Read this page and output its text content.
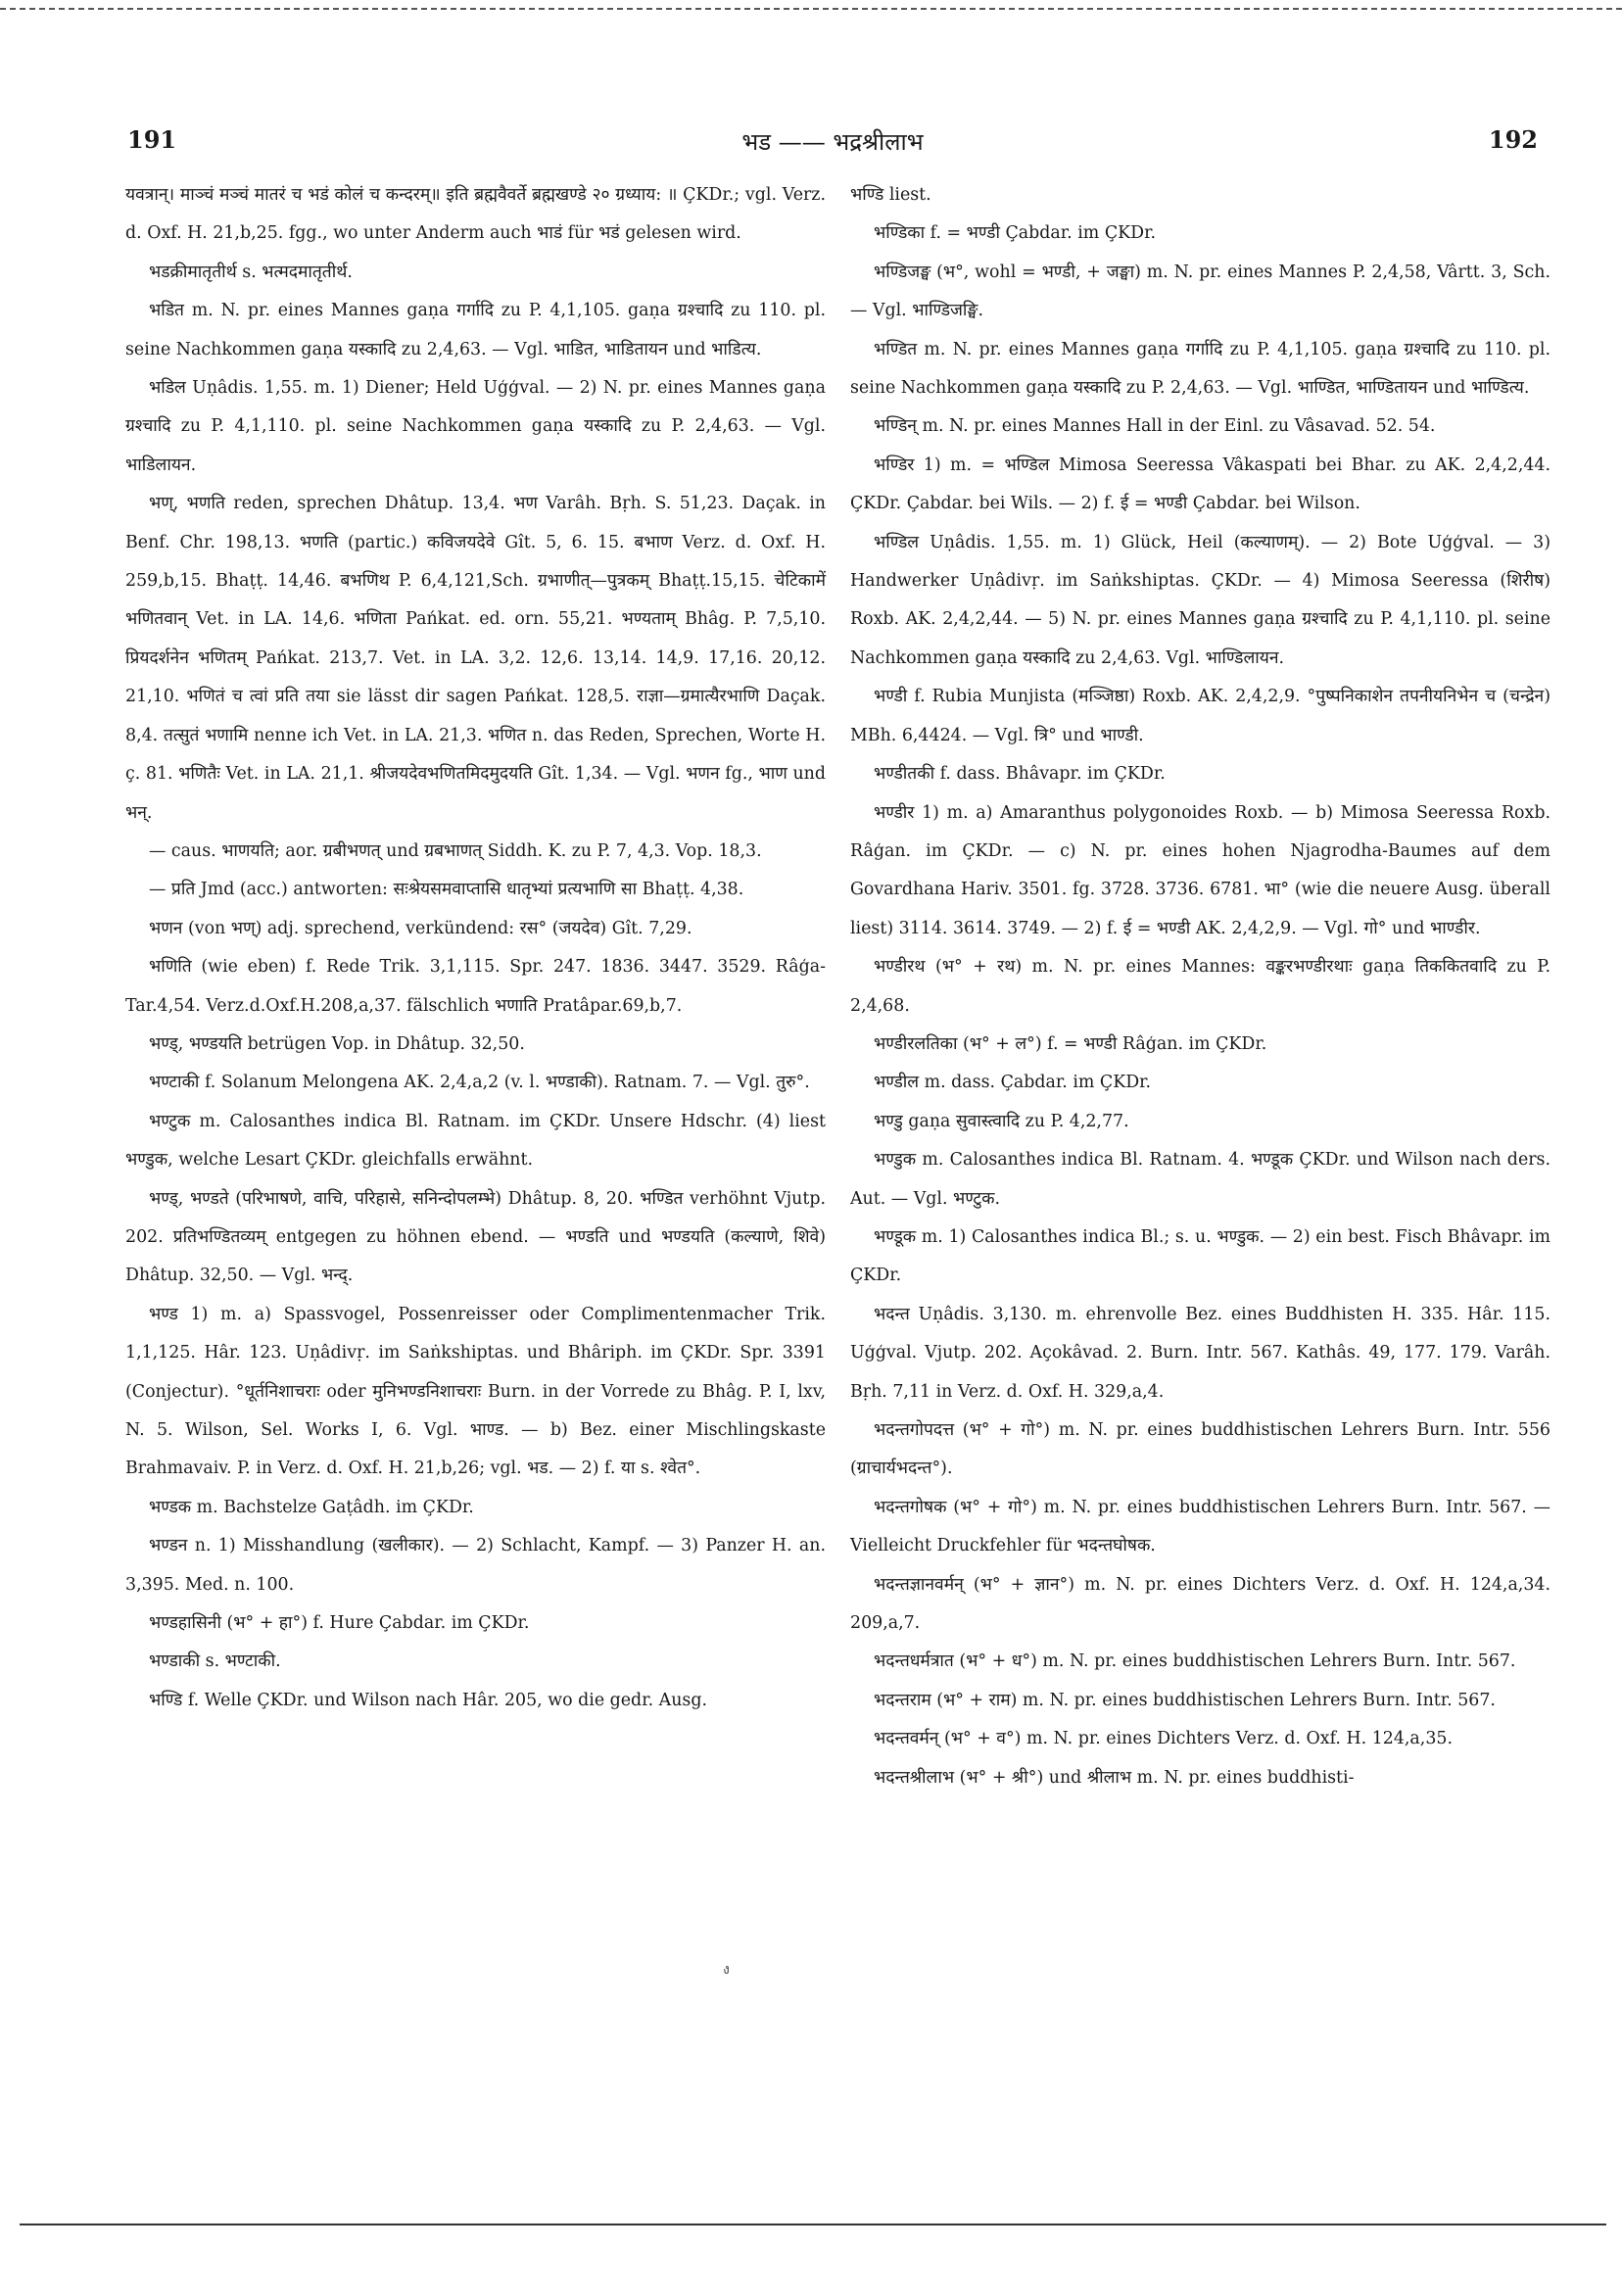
191	भड —— भद्रश्रीलाभ	192

यवत्रान्। माञ्चं मञ्चं मातरं च भडं कोलं च कन्दरम्॥ इति ब्रह्मवैवर्ते ब्रह्मखण्डे २० ग्रध्याय: ॥ ÇKDr.; vgl. Verz. d. Oxf. H. 21,b,25. fgg., wo unter Anderm auch भाडं für भडं gelesen wird.

भडक्रीमातृतीर्थ s. भत्मदमातृतीर्थ.

भडित m. N. pr. eines Mannes gaṇa गर्गादि zu P. 4,1,105. gaṇa ग्रश्चादि zu 110. pl. seine Nachkommen gaṇa यस्कादि zu 2,4,63. — Vgl. भाडित, भाडितायन und भाडित्य.

भडिल Uṇâdis. 1,55. m. 1) Diener; Held Uģģval. — 2) N. pr. eines Mannes gaṇa ग्रश्चादि zu P. 4,1,110. pl. seine Nachkommen gaṇa यस्कादि zu P. 2,4,63. — Vgl. भाडिलायन.

भण्, भणति reden, sprechen Dhâtup. 13,4. भण Varâh. Bṛh. S. 51,23. Daçak. in Benf. Chr. 198,13. भणति (partic.) कविजयदेवे Gît. 5, 6. 15. बभाण Verz. d. Oxf. H. 259,b,15. Bhaṭṭ. 14,46. बभणिथ P. 6,4,121,Sch. ग्रभाणीत्—पुत्रकम् Bhaṭṭ.15,15. चेटिकामें भणितवान् Vet. in LA. 14,6. भणिता Pańkat. ed. orn. 55,21. भण्यताम् Bhâg. P. 7,5,10. प्रियदर्शनेन भणितम् Pańkat. 213,7. Vet. in LA. 3,2. 12,6. 13,14. 14,9. 17,16. 20,12. 21,10. भणितं च त्वां प्रति तया sie lässt dir sagen Pańkat. 128,5. राज्ञा—ग्रमात्यैरभाणि Daçak. 8,4. तत्सुतं भणामि nenne ich Vet. in LA. 21,3. भणित n. das Reden, Sprechen, Worte H. ç. 81. भणितैः Vet. in LA. 21,1. श्रीजयदेवभणितमिदमुदयति Gît. 1,34. — Vgl. भणन fg., भाण und भन्.

— caus. भाणयति; aor. ग्रबीभणत् und ग्रबभाणत् Siddh. K. zu P. 7, 4,3. Vop. 18,3.

— प्रति Jmd (acc.) antworten: सःश्रेयसमवाप्तासि धातृभ्यां प्रत्यभाणि सा Bhaṭṭ. 4,38.

भणन (von भण्) adj. sprechend, verkündend: रस° (जयदेव) Gît. 7,29.

भणिति (wie eben) f. Rede Trik. 3,1,115. Spr. 247. 1836. 3447. 3529. Râģa-Tar.4,54. Verz.d.Oxf.H.208,a,37. fälschlich भणाति Pratâpar.69,b,7.

भण्ड्, भण्डयति betrügen Vop. in Dhâtup. 32,50.

भण्टाकी f. Solanum Melongena AK. 2,4,a,2 (v. l. भण्डाकी). Ratnam. 7. — Vgl. तुरु°.

भण्टुक m. Calosanthes indica Bl. Ratnam. im ÇKDr. Unsere Hdschr. (4) liest भण्डुक, welche Lesart ÇKDr. gleichfalls erwähnt.

भण्ड्, भण्डते (परिभाषणे, वाचि, परिहासे, सनिन्दोपलम्भे) Dhâtup. 8, 20. भण्डित verhöhnt Vjutp. 202. प्रतिभण्डितव्यम् entgegen zu höhnen ebend. — भण्डति und भण्डयति (कल्याणे, शिवे) Dhâtup. 32,50. — Vgl. भन्द्.

भण्ड 1) m. a) Spassvogel, Possenreisser oder Complimentenmacher Trik. 1,1,125. Hâr. 123. Uṇâdivṛ. im Saṅkshiptas. und Bhâriph. im ÇKDr. Spr. 3391 (Conjectur). °धूर्तनिशाचराः oder मुनिभण्डनिशाचराः Burn. in der Vorrede zu Bhâg. P. I, lxv, N. 5. Wilson, Sel. Works I, 6. Vgl. भाण्ड. — b) Bez. einer Mischlingskaste Brahmavaiv. P. in Verz. d. Oxf. H. 21,b,26; vgl. भड. — 2) f. या s. श्वेत°.

भण्डक m. Bachstelze Gaṭâdh. im ÇKDr.

भण्डन n. 1) Misshandlung (खलीकार). — 2) Schlacht, Kampf. — 3) Panzer H. an. 3,395. Med. n. 100.

भण्डहासिनी (भ° + हा°) f. Hure Çabdar. im ÇKDr.

भण्डाकी s. भण्टाकी.

भण्डि f. Welle ÇKDr. und Wilson nach Hâr. 205, wo die gedr. Ausg.

भण्डि liest.

भण्डिका f. = भण्डी Çabdar. im ÇKDr.

भण्डिजङ्घ (भ°, wohl = भण्डी, + जङ्घा) m. N. pr. eines Mannes P. 2,4,58, Vârtt. 3, Sch. — Vgl. भाण्डिजङ्घि.

भण्डित m. N. pr. eines Mannes gaṇa गर्गादि zu P. 4,1,105. gaṇa ग्रश्चादि zu 110. pl. seine Nachkommen gaṇa यस्कादि zu P. 2,4,63. — Vgl. भाण्डित, भाण्डितायन und भाण्डित्य.

भण्डिन् m. N. pr. eines Mannes Hall in der Einl. zu Vâsavad. 52. 54.

भण्डिर 1) m. = भण्डिल Mimosa Seeressa Vâkaspati bei Bhar. zu AK. 2,4,2,44. ÇKDr. Çabdar. bei Wils. — 2) f. ई = भण्डी Çabdar. bei Wilson.

भण्डिल Uṇâdis. 1,55. m. 1) Glück, Heil (कल्याणम्). — 2) Bote Uģģval. — 3) Handwerker Uṇâdivṛ. im Saṅkshiptas. ÇKDr. — 4) Mimosa Seeressa (शिरीष) Roxb. AK. 2,4,2,44. — 5) N. pr. eines Mannes gaṇa ग्रश्चादि zu P. 4,1,110. pl. seine Nachkommen gaṇa यस्कादि zu 2,4,63. Vgl. भाण्डिलायन.

भण्डी f. Rubia Munjista (मञ्जिष्ठा) Roxb. AK. 2,4,2,9. °पुष्पनिकाशेन तपनीयनिभेन च (चन्द्रेन) MBh. 6,4424. — Vgl. त्रि° und भाण्डी.

भण्डीतकी f. dass. Bhâvapr. im ÇKDr.

भण्डीर 1) m. a) Amaranthus polygonoides Roxb. — b) Mimosa Seeressa Roxb. Râģan. im ÇKDr. — c) N. pr. eines hohen Njagrodha-Baumes auf dem Govardhana Hariv. 3501. fg. 3728. 3736. 6781. भा° (wie die neuere Ausg. überall liest) 3114. 3614. 3749. — 2) f. ई = भण्डी AK. 2,4,2,9. — Vgl. गो° und भाण्डीर.

भण्डीरथ (भ° + रथ) m. N. pr. eines Mannes: वङ्करभण्डीरथाः gaṇa तिककितवादि zu P. 2,4,68.

भण्डीरलतिका (भ° + ल°) f. = भण्डी Râģan. im ÇKDr.

भण्डील m. dass. Çabdar. im ÇKDr.

भण्डु gaṇa सुवास्त्वादि zu P. 4,2,77.

भण्डुक m. Calosanthes indica Bl. Ratnam. 4. भण्डूक ÇKDr. und Wilson nach ders. Aut. — Vgl. भण्टुक.

भण्डूक m. 1) Calosanthes indica Bl.; s. u. भण्डुक. — 2) ein best. Fisch Bhâvapr. im ÇKDr.

भदन्त Uṇâdis. 3,130. m. ehrenvolle Bez. eines Buddhisten H. 335. Hâr. 115. Uģģval. Vjutp. 202. Açokâvad. 2. Burn. Intr. 567. Kathâs. 49, 177. 179. Varâh. Bṛh. 7,11 in Verz. d. Oxf. H. 329,a,4.

भदन्तगोपदत्त (भ° + गो°) m. N. pr. eines buddhistischen Lehrers Burn. Intr. 556 (ग्राचार्यभदन्त°).

भदन्तगोषक (भ° + गो°) m. N. pr. eines buddhistischen Lehrers Burn. Intr. 567. — Vielleicht Druckfehler für भदन्तघोषक.

भदन्तज्ञानवर्मन् (भ° + ज्ञान°) m. N. pr. eines Dichters Verz. d. Oxf. H. 124,a,34. 209,a,7.

भदन्तधर्मत्रात (भ° + ध°) m. N. pr. eines buddhistischen Lehrers Burn. Intr. 567.

भदन्तराम (भ° + राम) m. N. pr. eines buddhistischen Lehrers Burn. Intr. 567.

भदन्तवर्मन् (भ° + व°) m. N. pr. eines Dichters Verz. d. Oxf. H. 124,a,35.

भदन्तश्रीलाभ (भ° + श्री°) und श्रीलाभ m. N. pr. eines buddhisti-

ง
